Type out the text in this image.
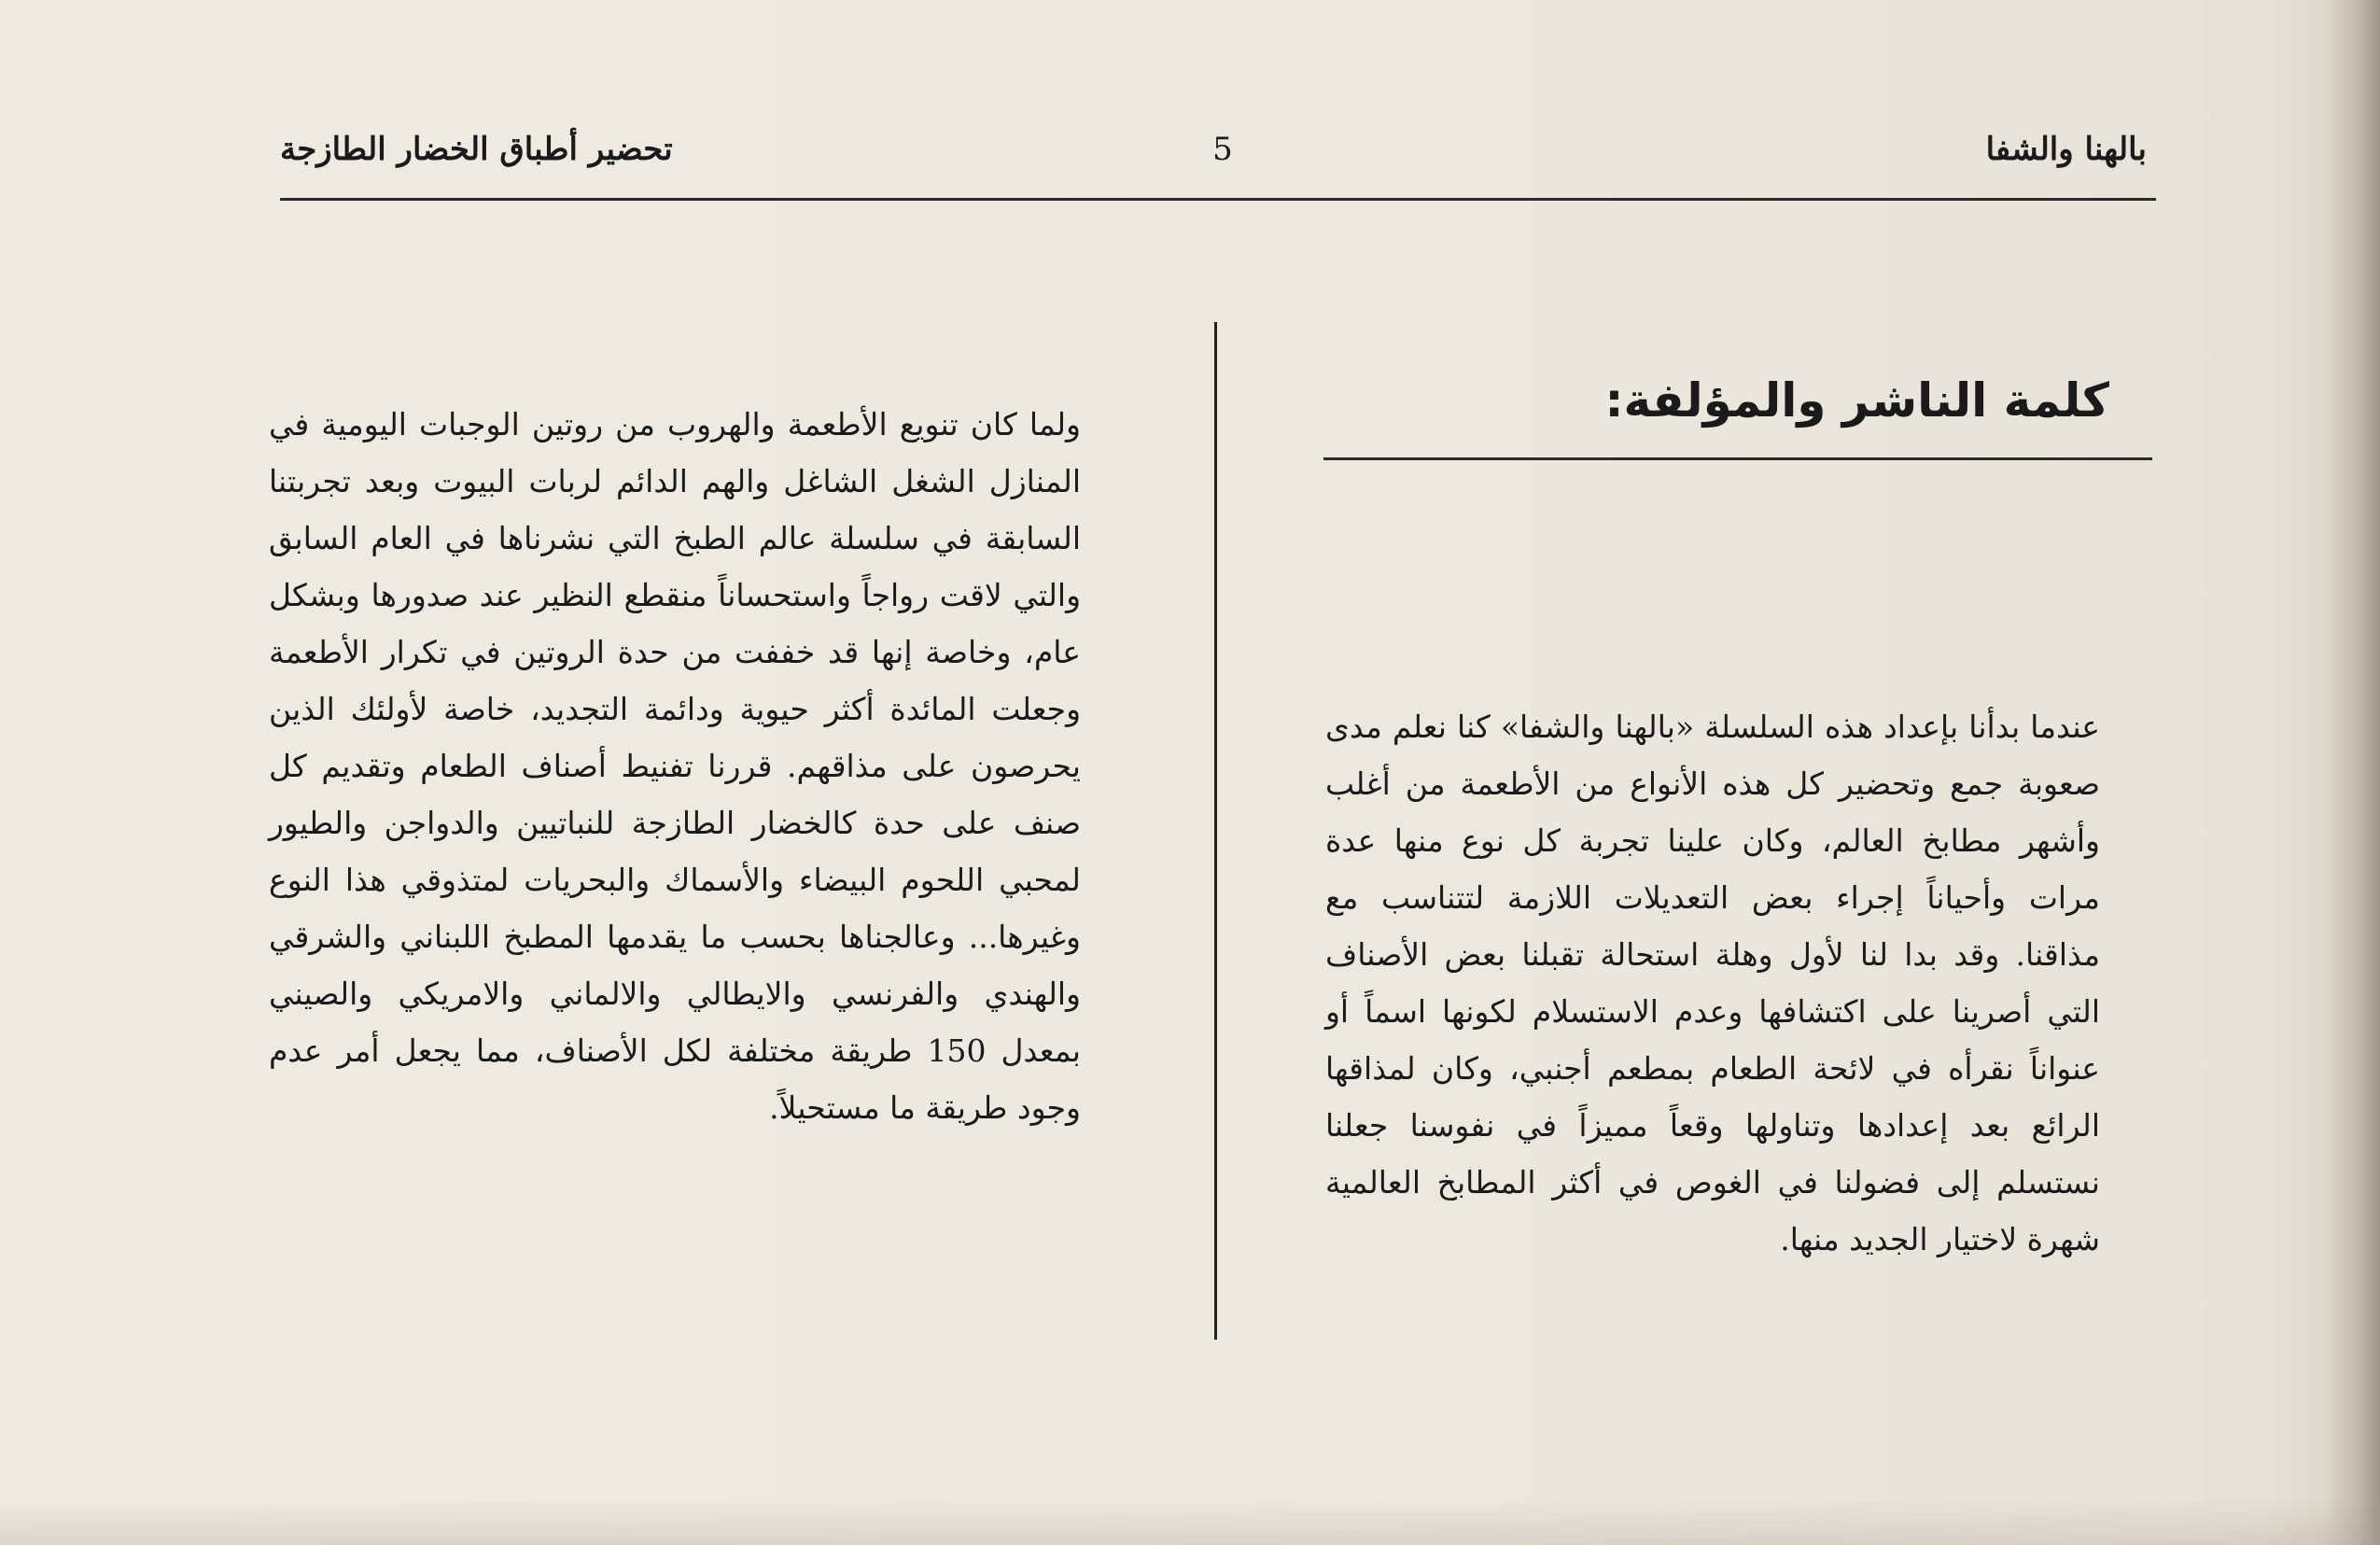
تحضير أطباق الخضار الطازجة	5	بالهنا والشفا
كلمة الناشر والمؤلفة:

عندما بدأنا بإعداد هذه السلسلة «بالهنا والشفا» كنا نعلم مدى صعوبة جمع وتحضير كل هذه الأنواع من الأطعمة من أغلب وأشهر مطابخ العالم، وكان علينا تجربة كل نوع منها عدة مرات وأحياناً إجراء بعض التعديلات اللازمة لتتناسب مع مذاقنا. وقد بدا لنا لأول وهلة استحالة تقبلنا بعض الأصناف التي أصرينا على اكتشافها وعدم الاستسلام لكونها اسماً أو عنواناً نقرأه في لائحة الطعام بمطعم أجنبي، وكان لمذاقها الرائع بعد إعدادها وتناولها وقعاً مميزاً في نفوسنا جعلنا نستسلم إلى فضولنا في الغوص في أكثر المطابخ العالمية شهرة لاختيار الجديد منها.

ولما كان تنويع الأطعمة والهروب من روتين الوجبات اليومية في المنازل الشغل الشاغل والهم الدائم لربات البيوت وبعد تجربتنا السابقة في سلسلة عالم الطبخ التي نشرناها في العام السابق والتي لاقت رواجاً واستحساناً منقطع النظير عند صدورها وبشكل عام، وخاصة إنها قد خففت من حدة الروتين في تكرار الأطعمة وجعلت المائدة أكثر حيوية ودائمة التجديد، خاصة لأولئك الذين يحرصون على مذاقهم. قررنا تفنيط أصناف الطعام وتقديم كل صنف على حدة كالخضار الطازجة للنباتيين والدواجن والطيور لمحبي اللحوم البيضاء والأسماك والبحريات لمتذوقي هذا النوع وغيرها... وعالجناها بحسب ما يقدمها المطبخ اللبناني والشرقي والهندي والفرنسي والايطالي والالماني والامريكي والصيني بمعدل 150 طريقة مختلفة لكل الأصناف، مما يجعل أمر عدم وجود طريقة ما مستحيلاً.
